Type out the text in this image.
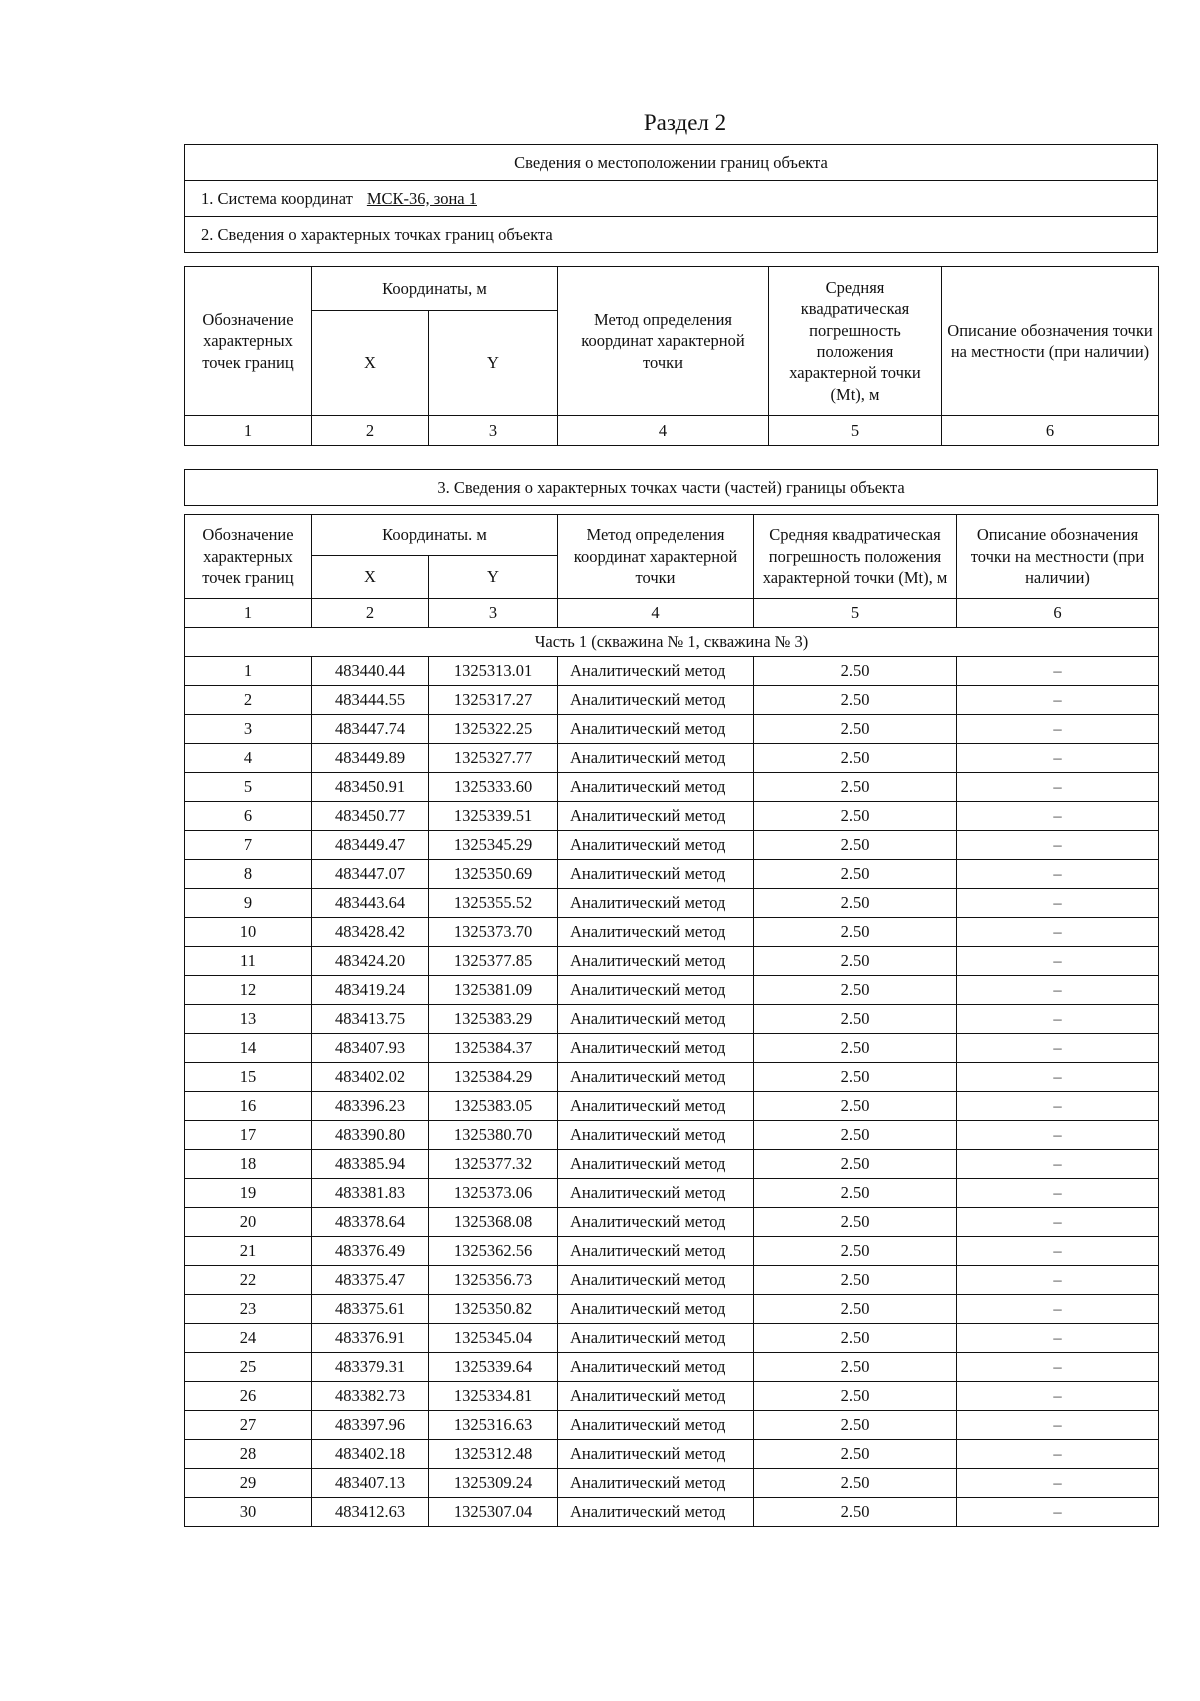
Раздел 2
Сведения о местоположении границ объекта
1. Система координат МСК-36, зона 1
2. Сведения о характерных точках границ объекта
Обозначение характерных точек границ	Координаты, м		Метод определения координат характерной точки	Средняя квадратическая погрешность положения характерной точки (Mt), м	Описание обозначения точки на местности (при наличии)
	X	Y			
1	2	3	4	5	6
3. Сведения о характерных точках части (частей) границы объекта
Обозначение характерных точек границ	Координаты. м		Метод определения координат характерной точки	Средняя квадратическая погрешность положения характерной точки (Mt), м	Описание обозначения точки на местности (при наличии)
	X	Y			
1	2	3	4	5	6
Часть 1 (скважина № 1, скважина № 3)					
1	483440.44	1325313.01	Аналитический метод	2.50	–
2	483444.55	1325317.27	Аналитический метод	2.50	–
3	483447.74	1325322.25	Аналитический метод	2.50	–
4	483449.89	1325327.77	Аналитический метод	2.50	–
5	483450.91	1325333.60	Аналитический метод	2.50	–
6	483450.77	1325339.51	Аналитический метод	2.50	–
7	483449.47	1325345.29	Аналитический метод	2.50	–
8	483447.07	1325350.69	Аналитический метод	2.50	–
9	483443.64	1325355.52	Аналитический метод	2.50	–
10	483428.42	1325373.70	Аналитический метод	2.50	–
11	483424.20	1325377.85	Аналитический метод	2.50	–
12	483419.24	1325381.09	Аналитический метод	2.50	–
13	483413.75	1325383.29	Аналитический метод	2.50	–
14	483407.93	1325384.37	Аналитический метод	2.50	–
15	483402.02	1325384.29	Аналитический метод	2.50	–
16	483396.23	1325383.05	Аналитический метод	2.50	–
17	483390.80	1325380.70	Аналитический метод	2.50	–
18	483385.94	1325377.32	Аналитический метод	2.50	–
19	483381.83	1325373.06	Аналитический метод	2.50	–
20	483378.64	1325368.08	Аналитический метод	2.50	–
21	483376.49	1325362.56	Аналитический метод	2.50	–
22	483375.47	1325356.73	Аналитический метод	2.50	–
23	483375.61	1325350.82	Аналитический метод	2.50	–
24	483376.91	1325345.04	Аналитический метод	2.50	–
25	483379.31	1325339.64	Аналитический метод	2.50	–
26	483382.73	1325334.81	Аналитический метод	2.50	–
27	483397.96	1325316.63	Аналитический метод	2.50	–
28	483402.18	1325312.48	Аналитический метод	2.50	–
29	483407.13	1325309.24	Аналитический метод	2.50	–
30	483412.63	1325307.04	Аналитический метод	2.50	–
